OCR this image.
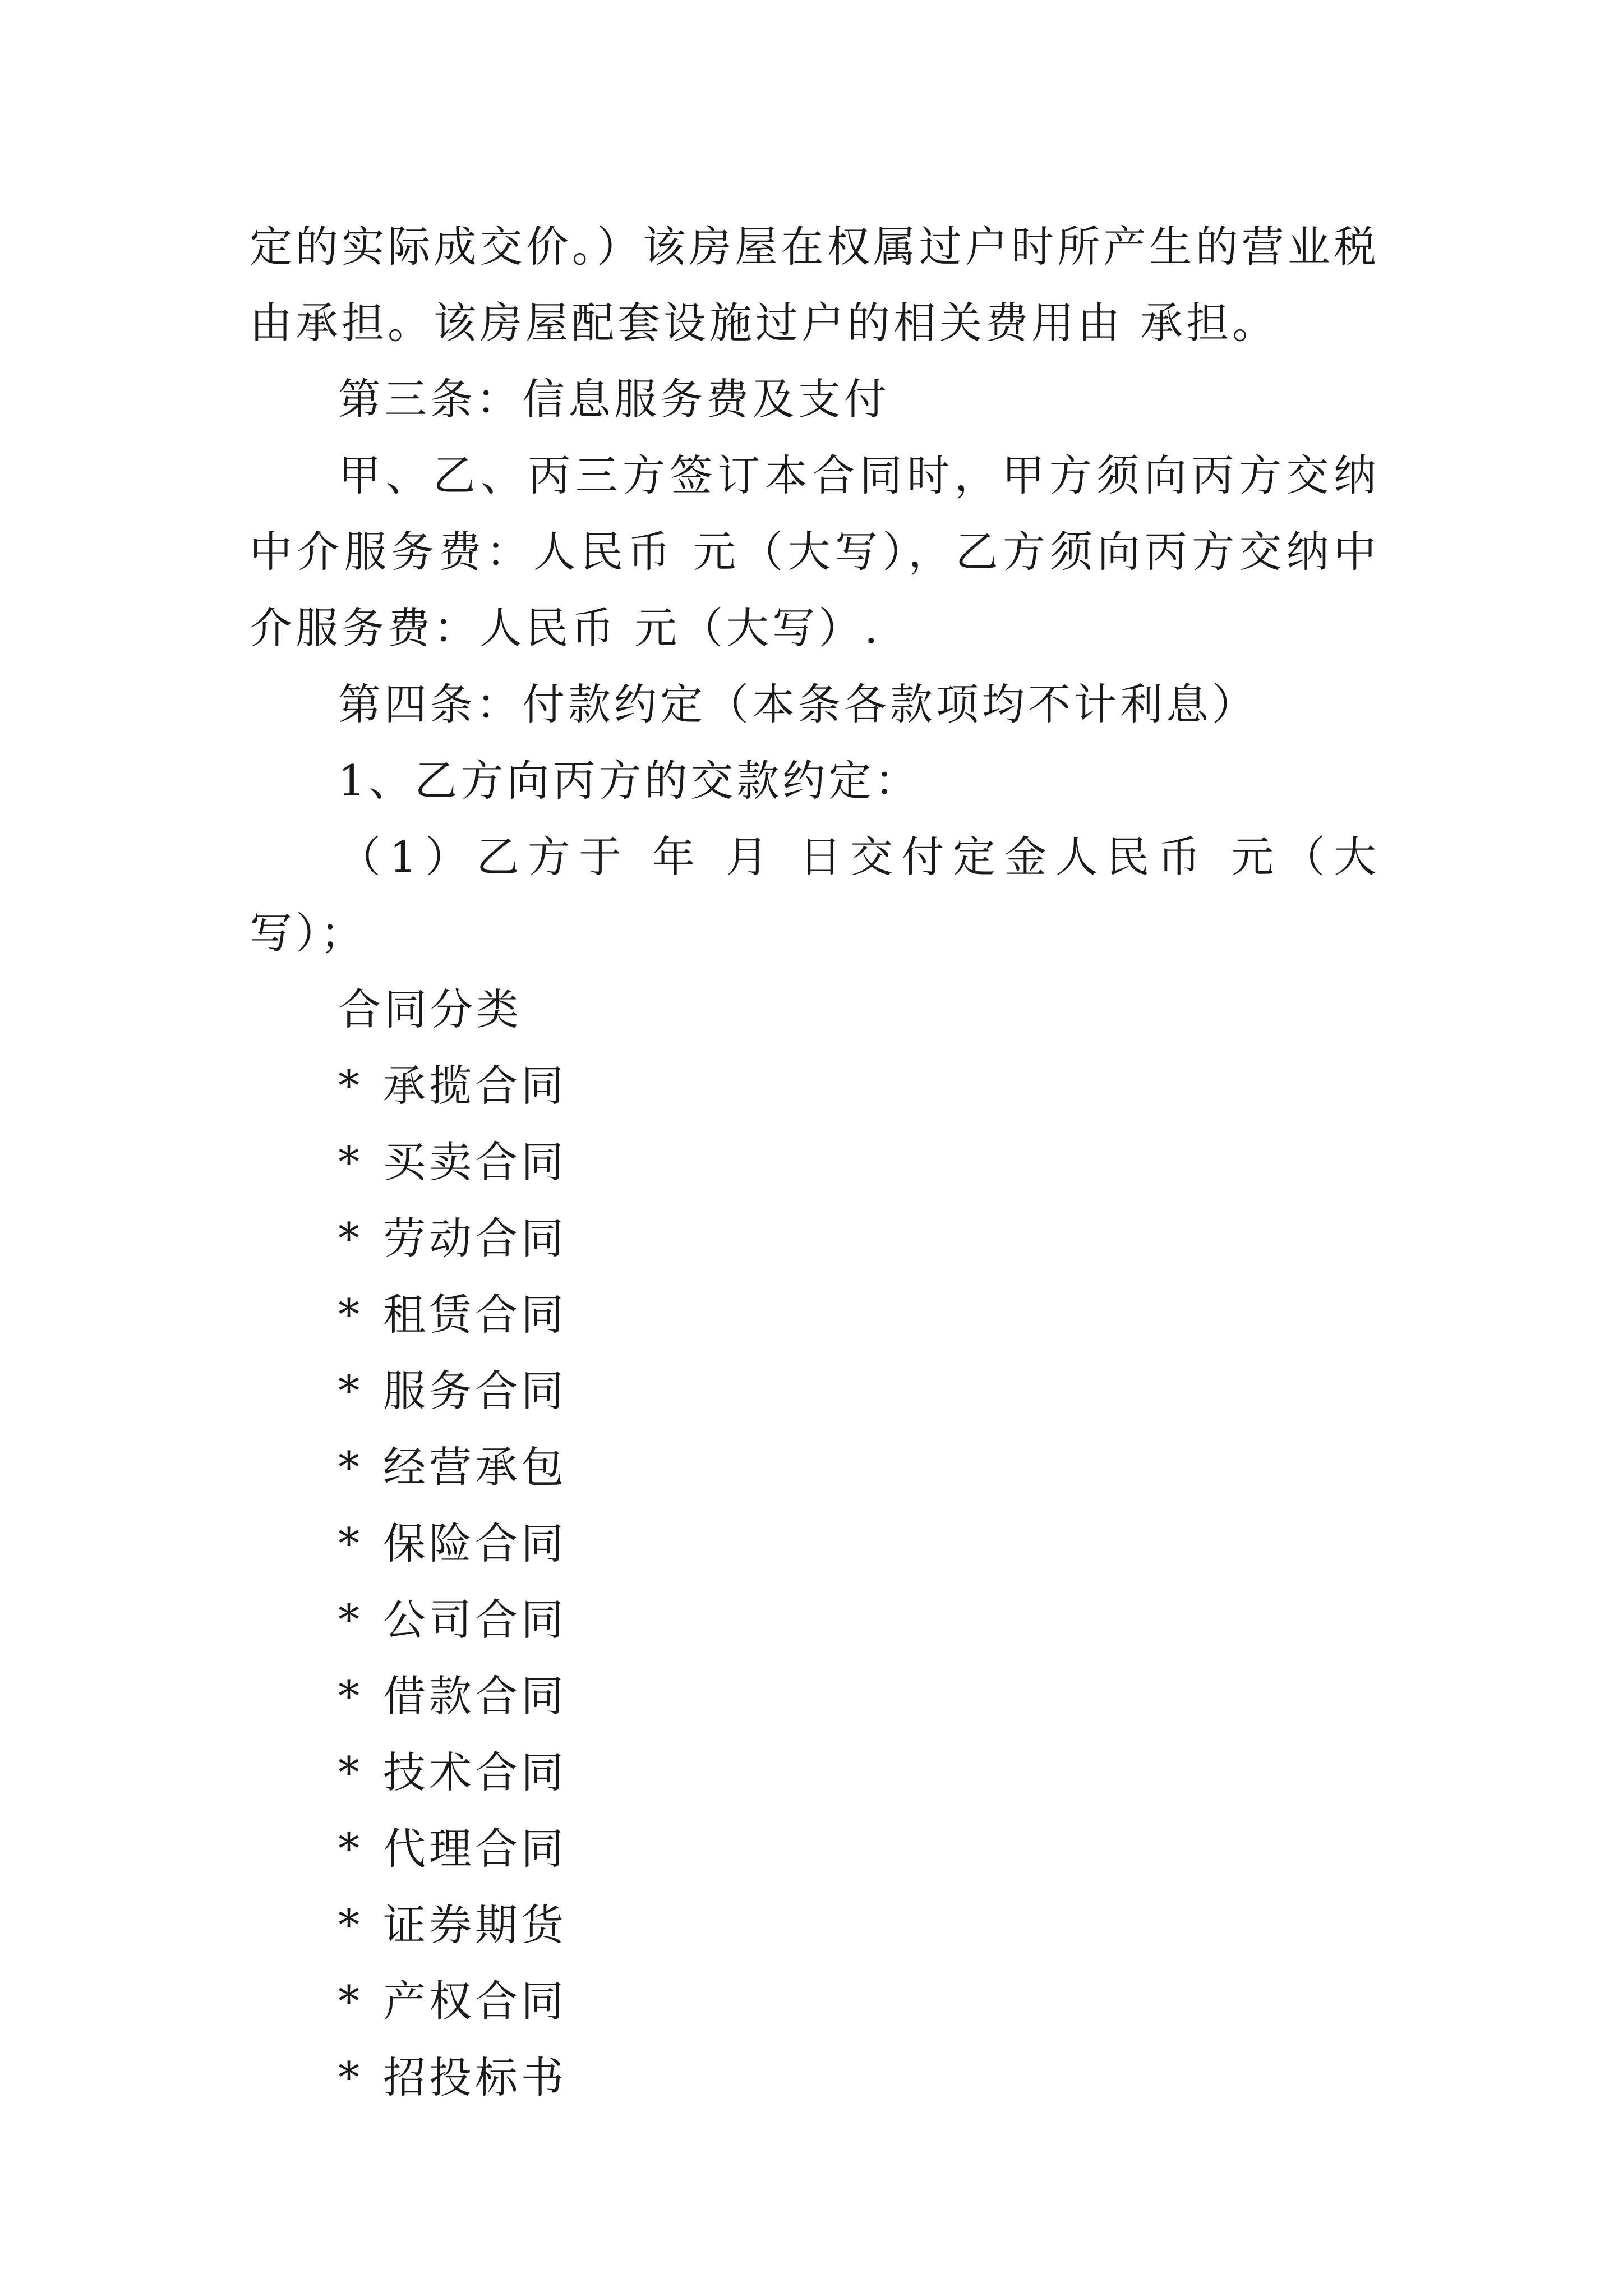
定的实际成交价。）该房屋在权属过户时所产生的营业税由承担。该房屋配套设施过户的相关费用由 承担。

第三条：信息服务费及支付

甲、乙、丙三方签订本合同时，甲方须向丙方交纳中介服务费：人民币 元（大写），乙方须向丙方交纳中介服务费：人民币 元（大写）.

第四条：付款约定（本条各款项均不计利息）

1、乙方向丙方的交款约定：

（1）乙方于 年 月 日交付定金人民币 元（大写）；

合同分类

* 承揽合同

* 买卖合同

* 劳动合同

* 租赁合同

* 服务合同

* 经营承包

* 保险合同

* 公司合同

* 借款合同

* 技术合同

* 代理合同

* 证券期货

* 产权合同

* 招投标书
